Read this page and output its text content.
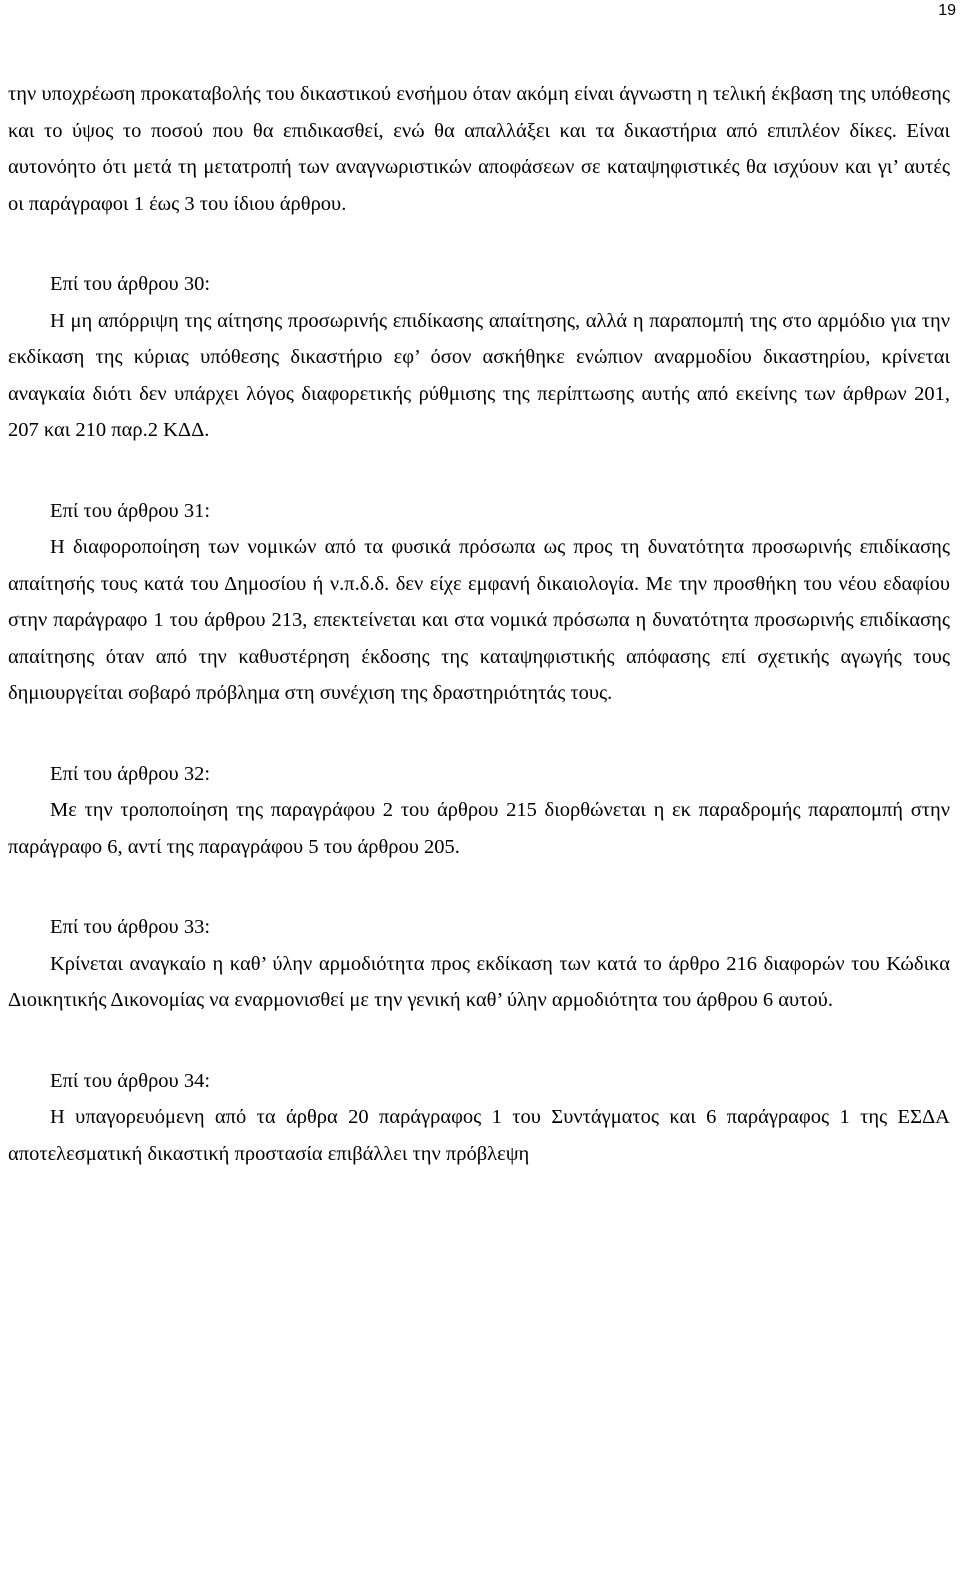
19

την υποχρέωση προκαταβολής του δικαστικού ενσήμου όταν ακόμη είναι άγνωστη η τελική έκβαση της υπόθεσης και το ύψος το ποσού που θα επιδικασθεί, ενώ θα απαλλάξει και τα δικαστήρια από επιπλέον δίκες. Είναι αυτονόητο ότι μετά τη μετατροπή των αναγνωριστικών αποφάσεων σε καταψηφιστικές θα ισχύουν και γι’ αυτές οι παράγραφοι 1 έως 3 του ίδιου άρθρου.

Επί του άρθρου 30:

Η μη απόρριψη της αίτησης προσωρινής επιδίκασης απαίτησης, αλλά η παραπομπή της στο αρμόδιο για την εκδίκαση της κύριας υπόθεσης δικαστήριο εφ’ όσον ασκήθηκε ενώπιον αναρμοδίου δικαστηρίου, κρίνεται αναγκαία διότι δεν υπάρχει λόγος διαφορετικής ρύθμισης της περίπτωσης αυτής από εκείνης των άρθρων 201, 207 και 210 παρ.2 ΚΔΔ.

Επί του άρθρου 31:

Η διαφοροποίηση των νομικών από τα φυσικά πρόσωπα ως προς τη δυνατότητα προσωρινής επιδίκασης απαίτησής τους κατά του Δημοσίου ή ν.π.δ.δ. δεν είχε εμφανή δικαιολογία. Με την προσθήκη του νέου εδαφίου στην παράγραφο 1 του άρθρου 213, επεκτείνεται και στα νομικά πρόσωπα η δυνατότητα προσωρινής επιδίκασης απαίτησης όταν από την καθυστέρηση έκδοσης της καταψηφιστικής απόφασης επί σχετικής αγωγής τους δημιουργείται σοβαρό πρόβλημα στη συνέχιση της δραστηριότητάς τους.

Επί του άρθρου 32:

Με την τροποποίηση της παραγράφου 2 του άρθρου 215 διορθώνεται η εκ παραδρομής παραπομπή στην παράγραφο 6, αντί της παραγράφου 5 του άρθρου 205.

Επί του άρθρου 33:

Κρίνεται αναγκαίο η καθ’ ύλην αρμοδιότητα προς εκδίκαση των κατά το άρθρο 216 διαφορών του Κώδικα Διοικητικής Δικονομίας να εναρμονισθεί με την γενική καθ’ ύλην αρμοδιότητα του άρθρου 6 αυτού.

Επί του άρθρου 34:

Η υπαγορευόμενη από τα άρθρα 20 παράγραφος 1 του Συντάγματος και 6 παράγραφος 1 της ΕΣΔΑ αποτελεσματική δικαστική προστασία επιβάλλει την πρόβλεψη
